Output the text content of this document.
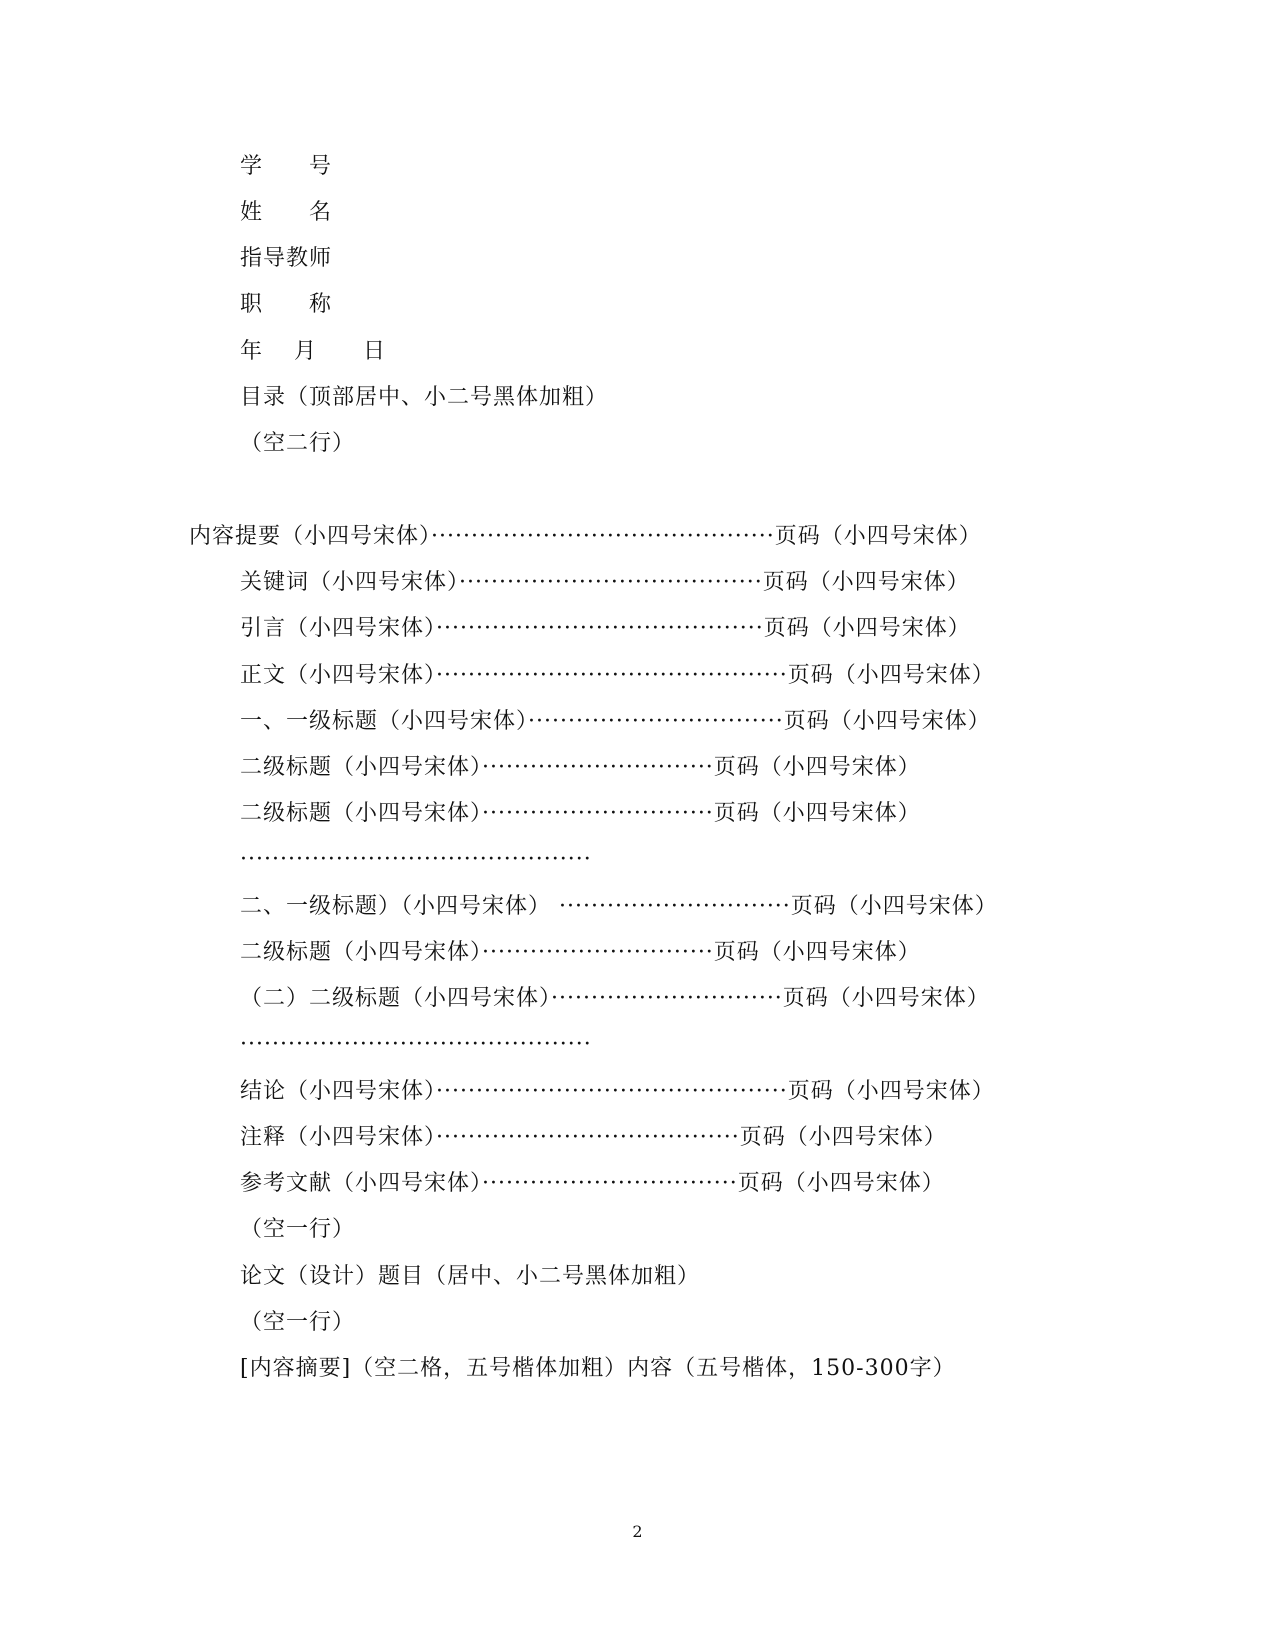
学　　号
姓　　名
指导教师
职　　称
年　 月　　日
目录（顶部居中、小二号黑体加粗）
（空二行）
内容提要（小四号宋体）···········································页码（小四号宋体）
关键词（小四号宋体）······································页码（小四号宋体）
引言（小四号宋体）·········································页码（小四号宋体）
正文（小四号宋体）············································页码（小四号宋体）
一、一级标题（小四号宋体）································页码（小四号宋体）
二级标题（小四号宋体）·····························页码（小四号宋体）
二级标题（小四号宋体）·····························页码（小四号宋体）
············································
二、一级标题）（小四号宋体） ·····························页码（小四号宋体）
二级标题（小四号宋体）·····························页码（小四号宋体）
（二）二级标题（小四号宋体）·····························页码（小四号宋体）
············································
结论（小四号宋体）············································页码（小四号宋体）
注释（小四号宋体）······································页码（小四号宋体）
参考文献（小四号宋体）································页码（小四号宋体）
（空一行）
论文（设计）题目（居中、小二号黑体加粗）
（空一行）
[内容摘要]（空二格，五号楷体加粗）内容（五号楷体，150-300字）
2
